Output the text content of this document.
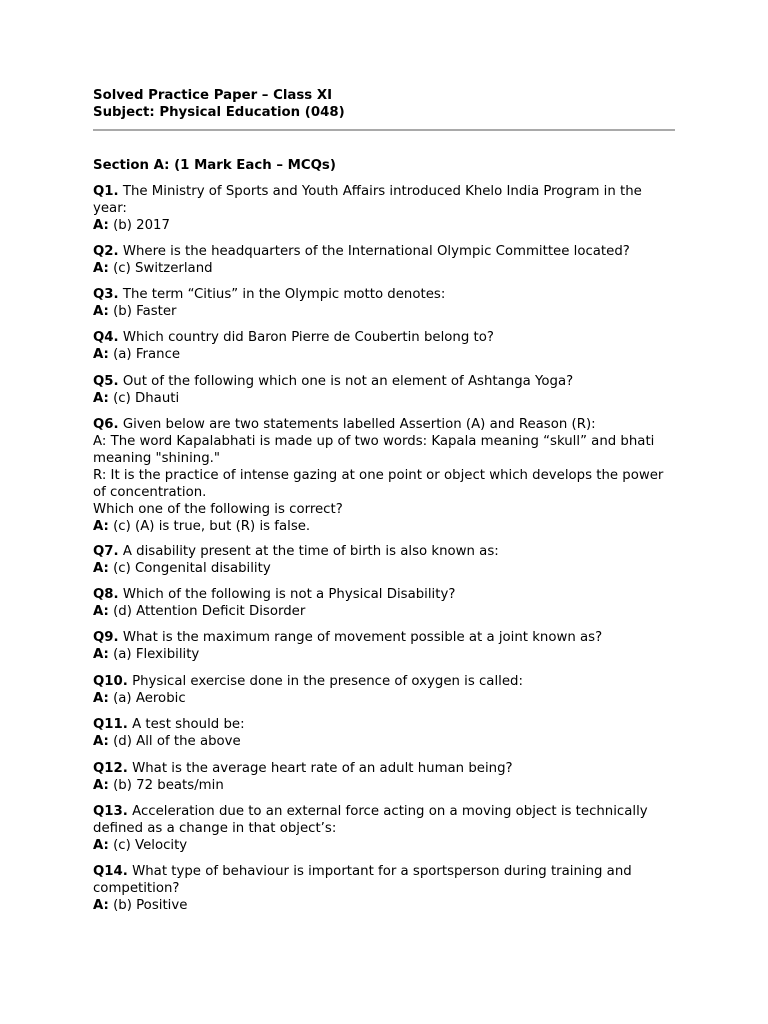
Solved Practice Paper – Class XI
Subject: Physical Education (048)
Section A: (1 Mark Each – MCQs)

Q1. The Ministry of Sports and Youth Affairs introduced Khelo India Program in the year:

A: (b) 2017

Q2. Where is the headquarters of the International Olympic Committee located?

A: (c) Switzerland

Q3. The term “Citius” in the Olympic motto denotes:

A: (b) Faster

Q4. Which country did Baron Pierre de Coubertin belong to?

A: (a) France

Q5. Out of the following which one is not an element of Ashtanga Yoga?

A: (c) Dhauti

Q6. Given below are two statements labelled Assertion (A) and Reason (R):

A: The word Kapalabhati is made up of two words: Kapala meaning “skull” and bhati meaning "shining."

R: It is the practice of intense gazing at one point or object which develops the power of concentration.

Which one of the following is correct?

A: (c) (A) is true, but (R) is false.

Q7. A disability present at the time of birth is also known as:

A: (c) Congenital disability

Q8. Which of the following is not a Physical Disability?

A: (d) Attention Deficit Disorder

Q9. What is the maximum range of movement possible at a joint known as?

A: (a) Flexibility

Q10. Physical exercise done in the presence of oxygen is called:

A: (a) Aerobic

Q11. A test should be:

A: (d) All of the above

Q12. What is the average heart rate of an adult human being?

A: (b) 72 beats/min

Q13. Acceleration due to an external force acting on a moving object is technically defined as a change in that object’s:

A: (c) Velocity

Q14. What type of behaviour is important for a sportsperson during training and competition?

A: (b) Positive
